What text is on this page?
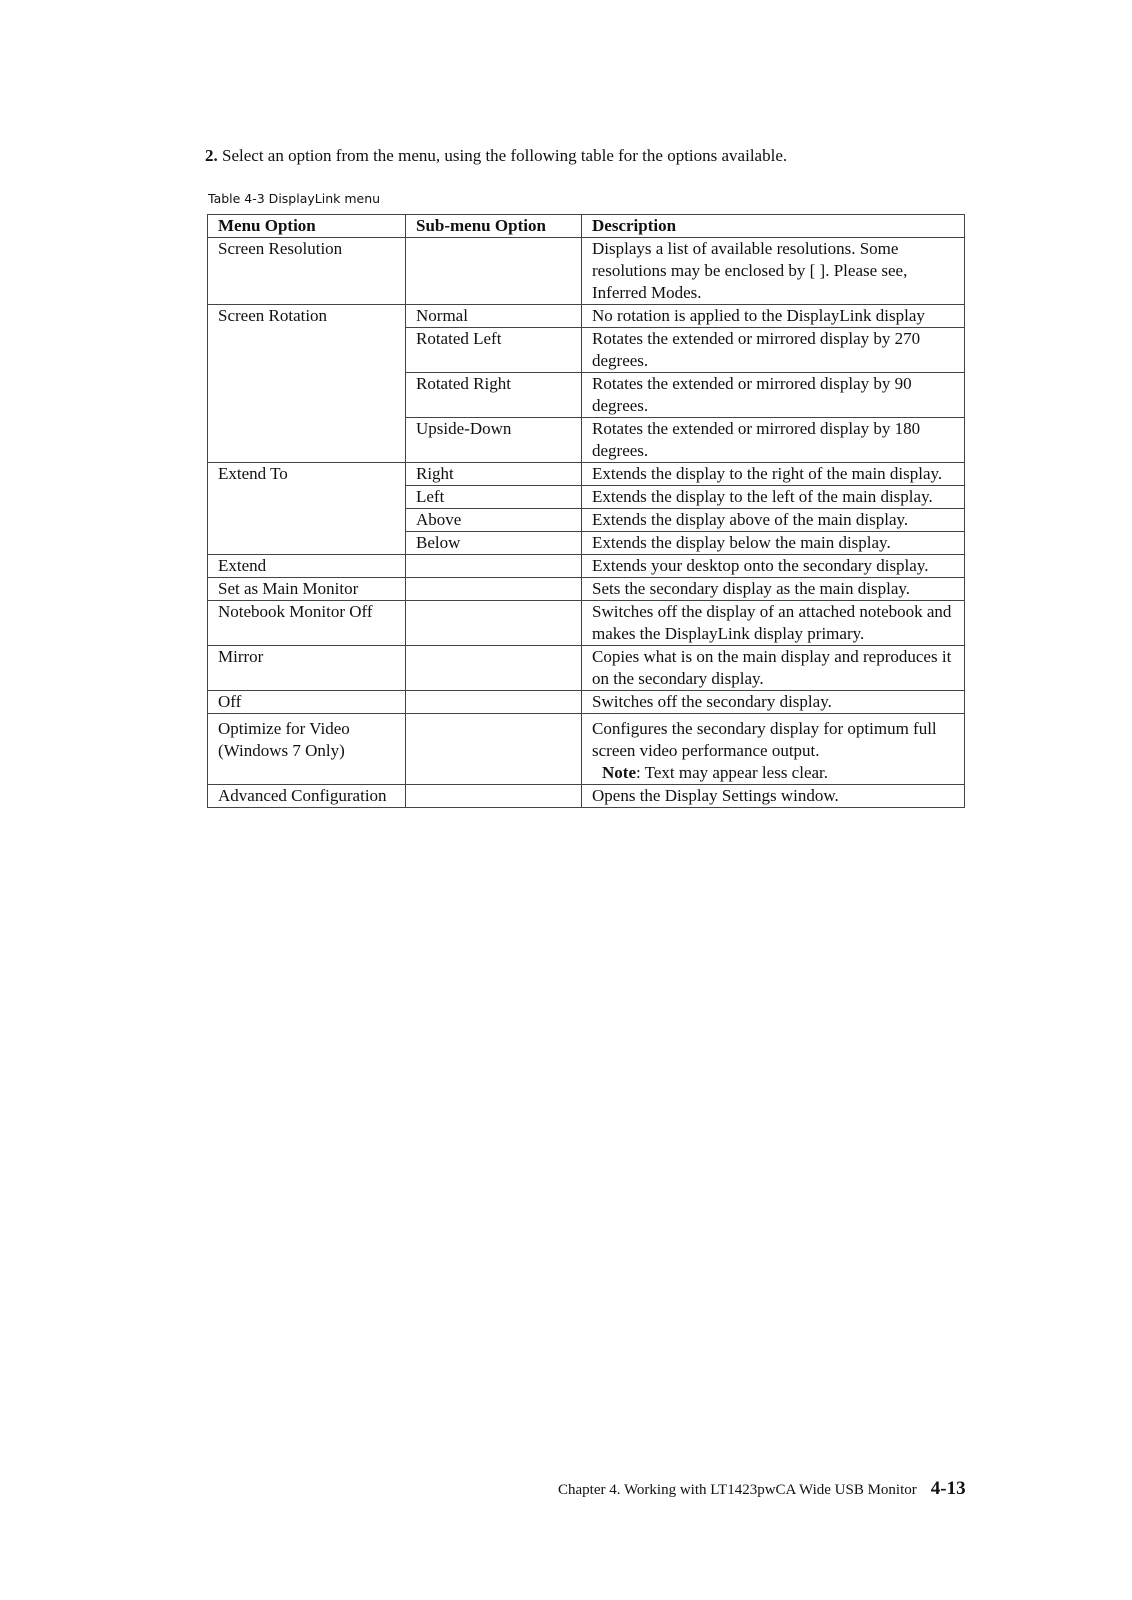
2. Select an option from the menu, using the following table for the options available.
Table 4-3 DisplayLink menu
Menu Option	Sub-menu Option	Description
Screen Resolution		Displays a list of available resolutions. Some resolutions may be enclosed by [ ]. Please see, Inferred Modes.
Screen Rotation	Normal	No rotation is applied to the DisplayLink display
	Rotated Left	Rotates the extended or mirrored display by 270 degrees.
	Rotated Right	Rotates the extended or mirrored display by 90 degrees.
	Upside-Down	Rotates the extended or mirrored display by 180 degrees.
Extend To	Right	Extends the display to the right of the main display.
	Left	Extends the display to the left of the main display.
	Above	Extends the display above of the main display.
	Below	Extends the display below the main display.
Extend		Extends your desktop onto the secondary display.
Set as Main Monitor		Sets the secondary display as the main display.
Notebook Monitor Off		Switches off the display of an attached notebook and makes the DisplayLink display primary.
Mirror		Copies what is on the main display and reproduces it on the secondary display.
Off		Switches off the secondary display.
Optimize for Video (Windows 7 Only)		Configures the secondary display for optimum full screen video performance output.
Note: Text may appear less clear.

Advanced Configuration		Opens the Display Settings window.
Chapter 4. Working with LT1423pwCA Wide USB Monitor 4-13
